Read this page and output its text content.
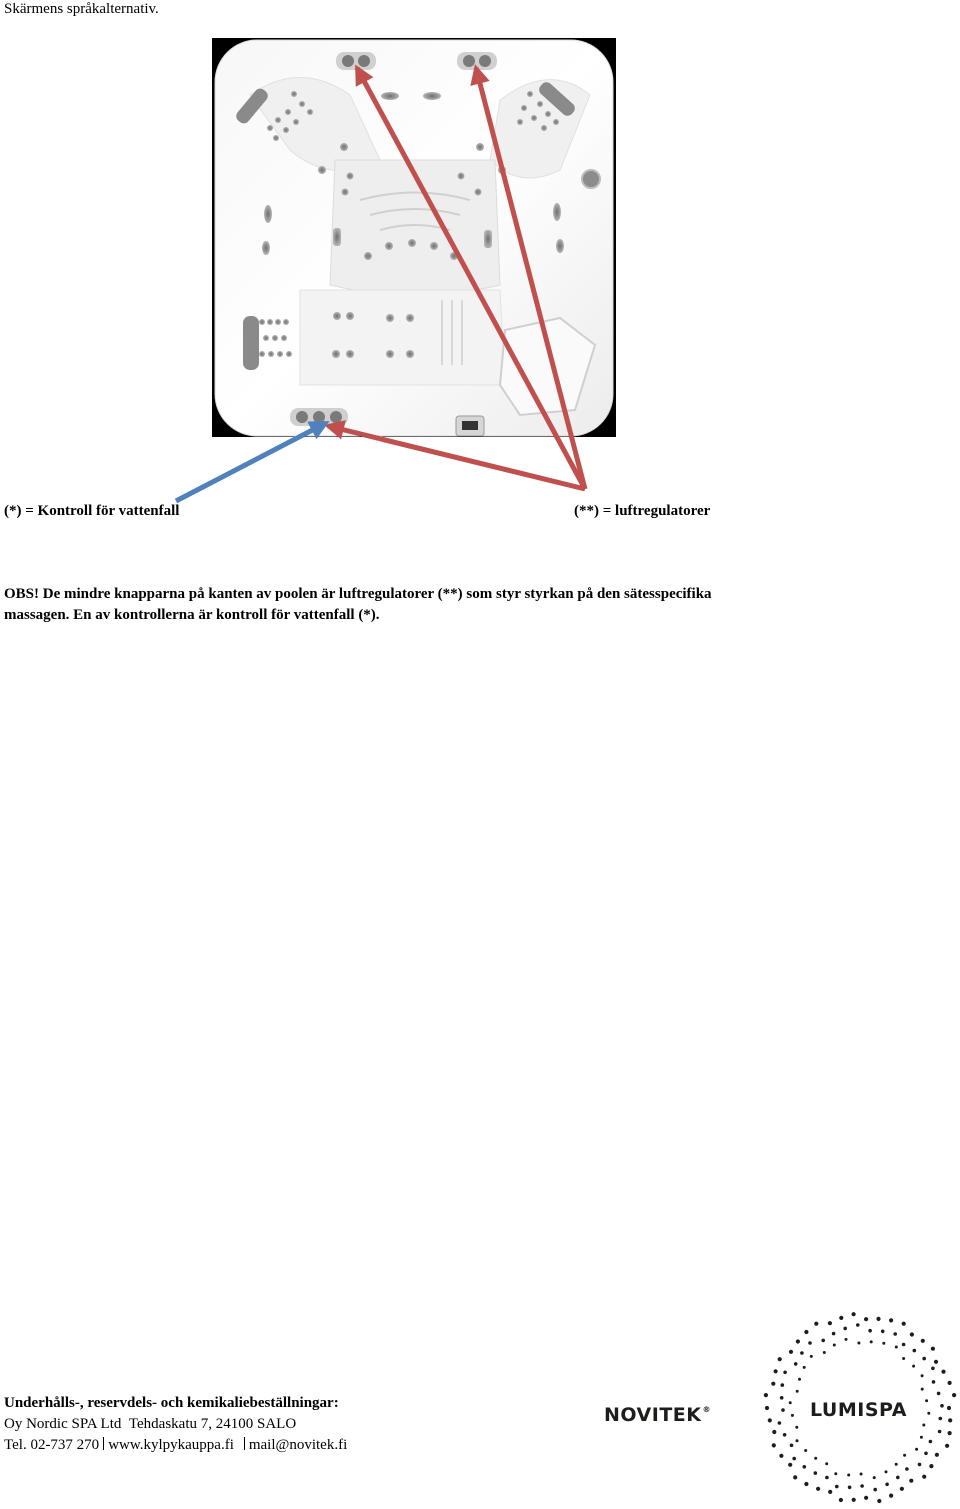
Skärmens språkalternativ.
(*) = Kontroll för vattenfall	(**) = luftregulatorer
OBS! De mindre knapparna på kanten av poolen är luftregulatorer (**) som styr styrkan på den sätesspecifika
massagen. En av kontrollerna är kontroll för vattenfall (*).
Underhålls-, reservdels- och kemikaliebeställningar:
Oy Nordic SPA Ltd Tehdaskatu 7, 24100 SALO
Tel. 02-737 270 www.kylpykauppa.fi mail@novitek.fi
NOVITEK®	LUMISPA
